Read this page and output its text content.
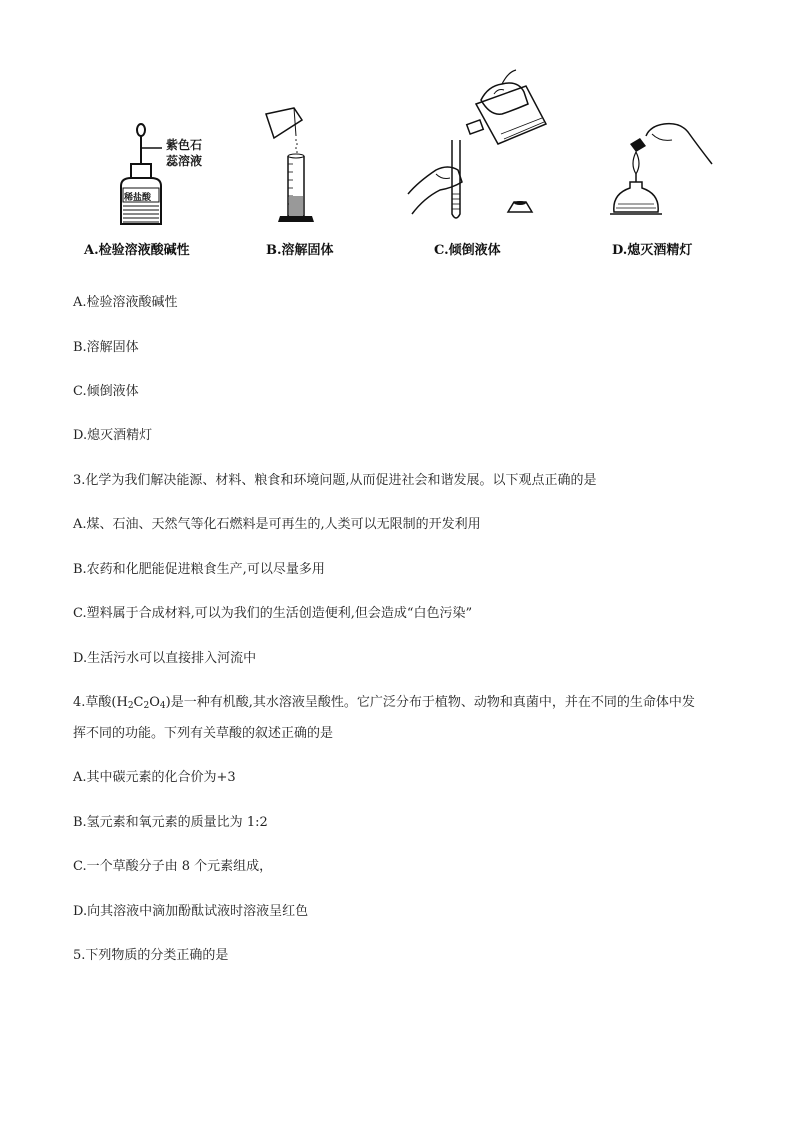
紫色石
蕊溶液
稀盐酸
A.检验溶液酸碱性	B.溶解固体	C.倾倒液体	D.熄灭酒精灯
A.检验溶液酸碱性
B.溶解固体
C.倾倒液体
D.熄灭酒精灯
3.化学为我们解决能源、材料、粮食和环境问题,从而促进社会和谐发展。以下观点正确的是
A.煤、石油、天然气等化石燃料是可再生的,人类可以无限制的开发利用
B.农药和化肥能促进粮食生产,可以尽量多用
C.塑料属于合成材料,可以为我们的生活创造便利,但会造成“白色污染”
D.生活污水可以直接排入河流中
4.草酸$(H_2C_2O_4)$是一种有机酸,其水溶液呈酸性。它广泛分布于植物、动物和真菌中，并在不同的生命体中发
挥不同的功能。下列有关草酸的叙述正确的是
A.其中碳元素的化合价为+3
B.氢元素和氧元素的质量比为 1:2
C.一个草酸分子由 8 个元素组成，
D.向其溶液中滴加酚酞试液时溶液呈红色
5.下列物质的分类正确的是
